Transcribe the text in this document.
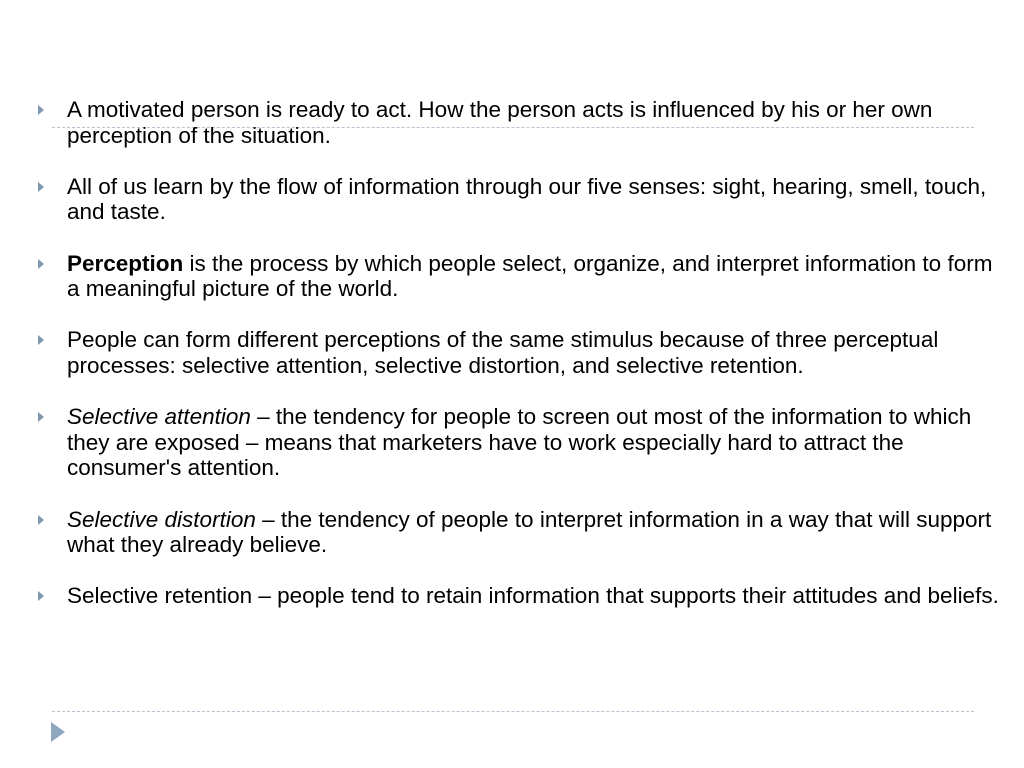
A motivated person is ready to act. How the person acts is influenced by his or her own perception of the situation.
All of us learn by the flow of information through our five senses: sight, hearing, smell, touch, and taste.
Perception is the process by which people select, organize, and interpret information to form a meaningful picture of the world.
People can form different perceptions of the same stimulus because of three perceptual processes: selective attention, selective distortion, and selective retention.
Selective attention – the tendency for people to screen out most of the information to which they are exposed – means that marketers have to work especially hard to attract the consumer's attention.
Selective distortion – the tendency of people to interpret information in a way that will support what they already believe.
Selective retention – people tend to retain information that supports their attitudes and beliefs.
